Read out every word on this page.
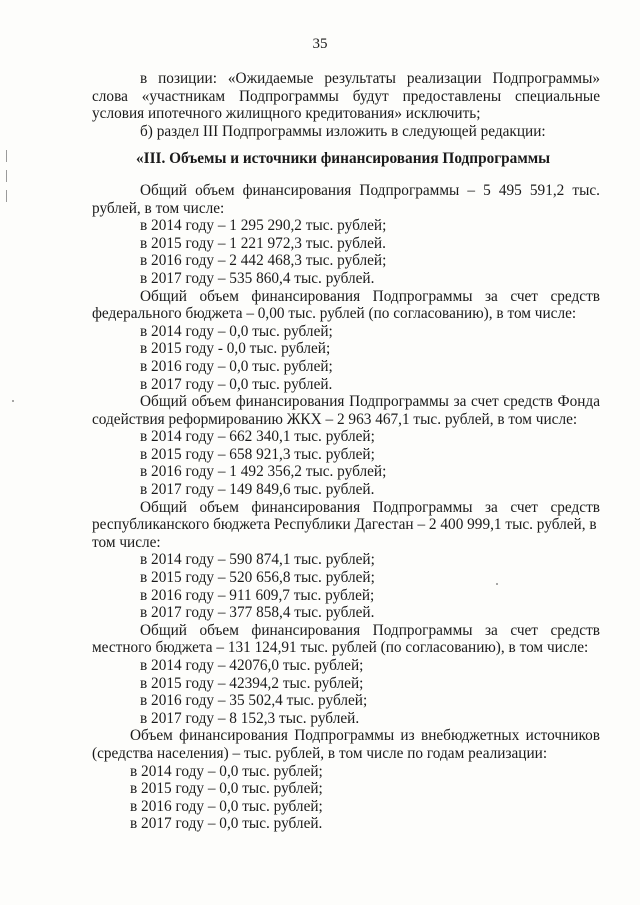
35
в позиции: «Ожидаемые результаты реализации Подпрограммы»
слова «участникам Подпрограммы будут предоставлены специальные
условия ипотечного жилищного кредитования» исключить;
б) раздел III Подпрограммы изложить в следующей редакции:
«III. Объемы и источники финансирования Подпрограммы
Общий объем финансирования Подпрограммы – 5 495 591,2 тыс.
рублей, в том числе:
в 2014 году – 1 295 290,2 тыс. рублей;
в 2015 году – 1 221 972,3 тыс. рублей.
в 2016 году – 2 442 468,3 тыс. рублей;
в 2017 году – 535 860,4 тыс. рублей.
Общий объем финансирования Подпрограммы за счет средств
федерального бюджета – 0,00 тыс. рублей (по согласованию), в том числе:
в 2014 году – 0,0 тыс. рублей;
в 2015 году - 0,0 тыс. рублей;
в 2016 году – 0,0 тыс. рублей;
в 2017 году – 0,0 тыс. рублей.
Общий объем финансирования Подпрограммы за счет средств Фонда
содействия реформированию ЖКХ – 2 963 467,1 тыс. рублей, в том числе:
в 2014 году – 662 340,1 тыс. рублей;
в 2015 году – 658 921,3 тыс. рублей;
в 2016 году – 1 492 356,2 тыс. рублей;
в 2017 году – 149 849,6 тыс. рублей.
Общий объем финансирования Подпрограммы за счет средств
республиканского бюджета Республики Дагестан – 2 400 999,1 тыс. рублей, в
том числе:
в 2014 году – 590 874,1 тыс. рублей;
в 2015 году – 520 656,8 тыс. рублей;
в 2016 году – 911 609,7 тыс. рублей;
в 2017 году – 377 858,4 тыс. рублей.
Общий объем финансирования Подпрограммы за счет средств
местного бюджета – 131 124,91 тыс. рублей (по согласованию), в том числе:
в 2014 году – 42076,0 тыс. рублей;
в 2015 году – 42394,2 тыс. рублей;
в 2016 году – 35 502,4 тыс. рублей;
в 2017 году – 8 152,3 тыс. рублей.
Объем финансирования Подпрограммы из внебюджетных источников
(средства населения) – тыс. рублей, в том числе по годам реализации:
в 2014 году – 0,0 тыс. рублей;
в 2015 году – 0,0 тыс. рублей;
в 2016 году – 0,0 тыс. рублей;
в 2017 году – 0,0 тыс. рублей.
